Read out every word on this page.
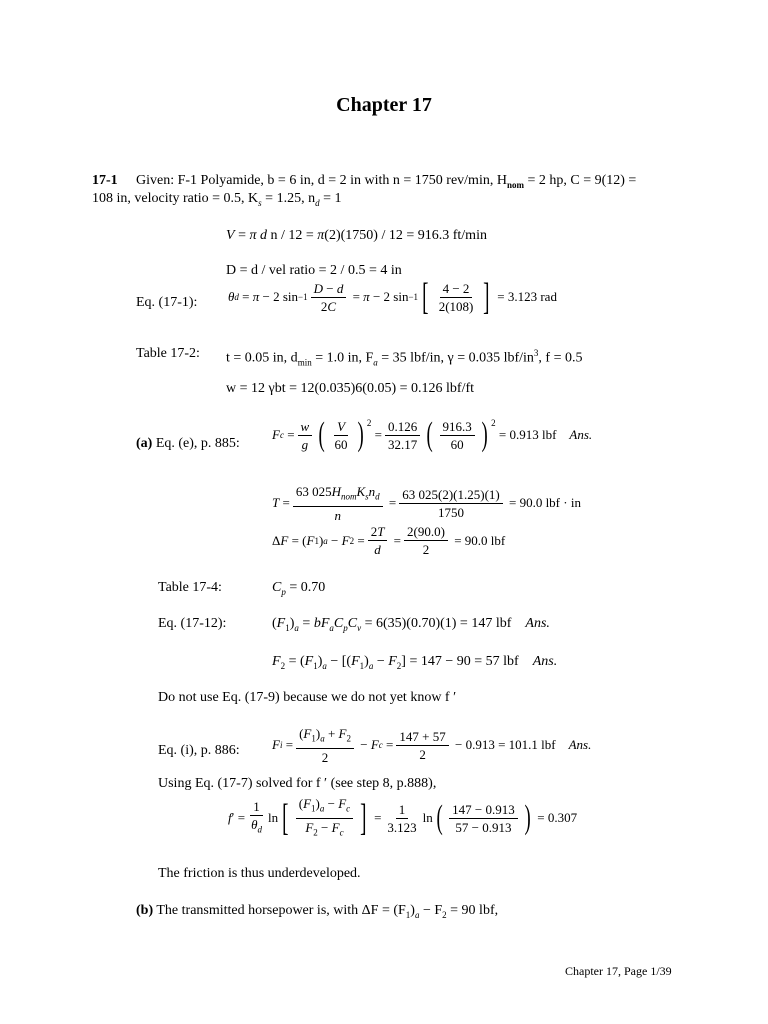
Chapter 17
17-1 Given: F-1 Polyamide, b = 6 in, d = 2 in with n = 1750 rev/min, $H_{nom} = 2$ hp, C = 9(12) =
108 in, velocity ratio = 0.5, $K_s = 1.25$, $n_d = 1$
V = π d n / 12 = π(2)(1750) / 12 = 916.3 ft/min
D = d / vel ratio = 2 / 0.5 = 4 in
Eq. (17-1): θ d = π − 2 $\sin -1 \frac{D - d}{2C} = \pi - 2$ sin −1 [ $\frac{4 - 2}{2(108)}$ ]
= 3.123 rad
Table 17-2: t = 0.05 in, $d_{min} = 1.0$ in, $F_a = 35$ lbf/in, γ = 0.035 lbf/$in^3$, f = 0.5
w = 12 γbt = 12(0.035)6(0.05) = 0.126 lbf/ft
(a) Eq. (e), p. 885:
F $c = \frac{w}{g}$ ( $\frac{V}{60}$ ) $^2$
= $\frac{0.126}{32.17}$ ( $\frac{916.3}{60}$ ) $^2$

= 0.913 lbf
Ans.
$T = \frac{63 025H_{nom}K_sn_d}{n} = \frac{63 025(2)(1.25)(1)}{1750}$
= 90.0 lbf · in
Δ F = ( F 1 ) a − F $2 = \frac{2T}{d} = \frac{2(90.0)}{2}$
= 90.0 lbf
Table 17-4:	$C_p = 0.70$
Eq. (17-12):	$(F_1)_a = bF_aC_pC_v = 6(35)(0.70)(1) = 147$ lbf Ans.
$F_2 = (F_1)_a - [(F_1)_a - F_2] = 147 - 90 = 57$ lbf Ans.
Do not use Eq. (17-9) because we do not yet know f ′
Eq. (i), p. 886: F $i = \frac{(F_1)_a + F_2}{2} - F$ $c = \frac{147 + 57}{2}$
− 0.913 = 101.1 lbf
Ans.
Using Eq. (17-7) solved for f ′ (see step 8, p.888),
f ′ = $\frac{1}{\theta_d}$ ln [ $\frac{(F_1)_a - F_c}{F_2 - F_c}$ ] = $\frac{1}{3.123}$ ln ( $\frac{147 - 0.913}{57 - 0.913}$ )
= 0.307
The friction is thus underdeveloped.
(b) The transmitted horsepower is, with $\Delta F = (F_1)_a - F_2 = 90$ lbf,
Chapter 17, Page 1/39
